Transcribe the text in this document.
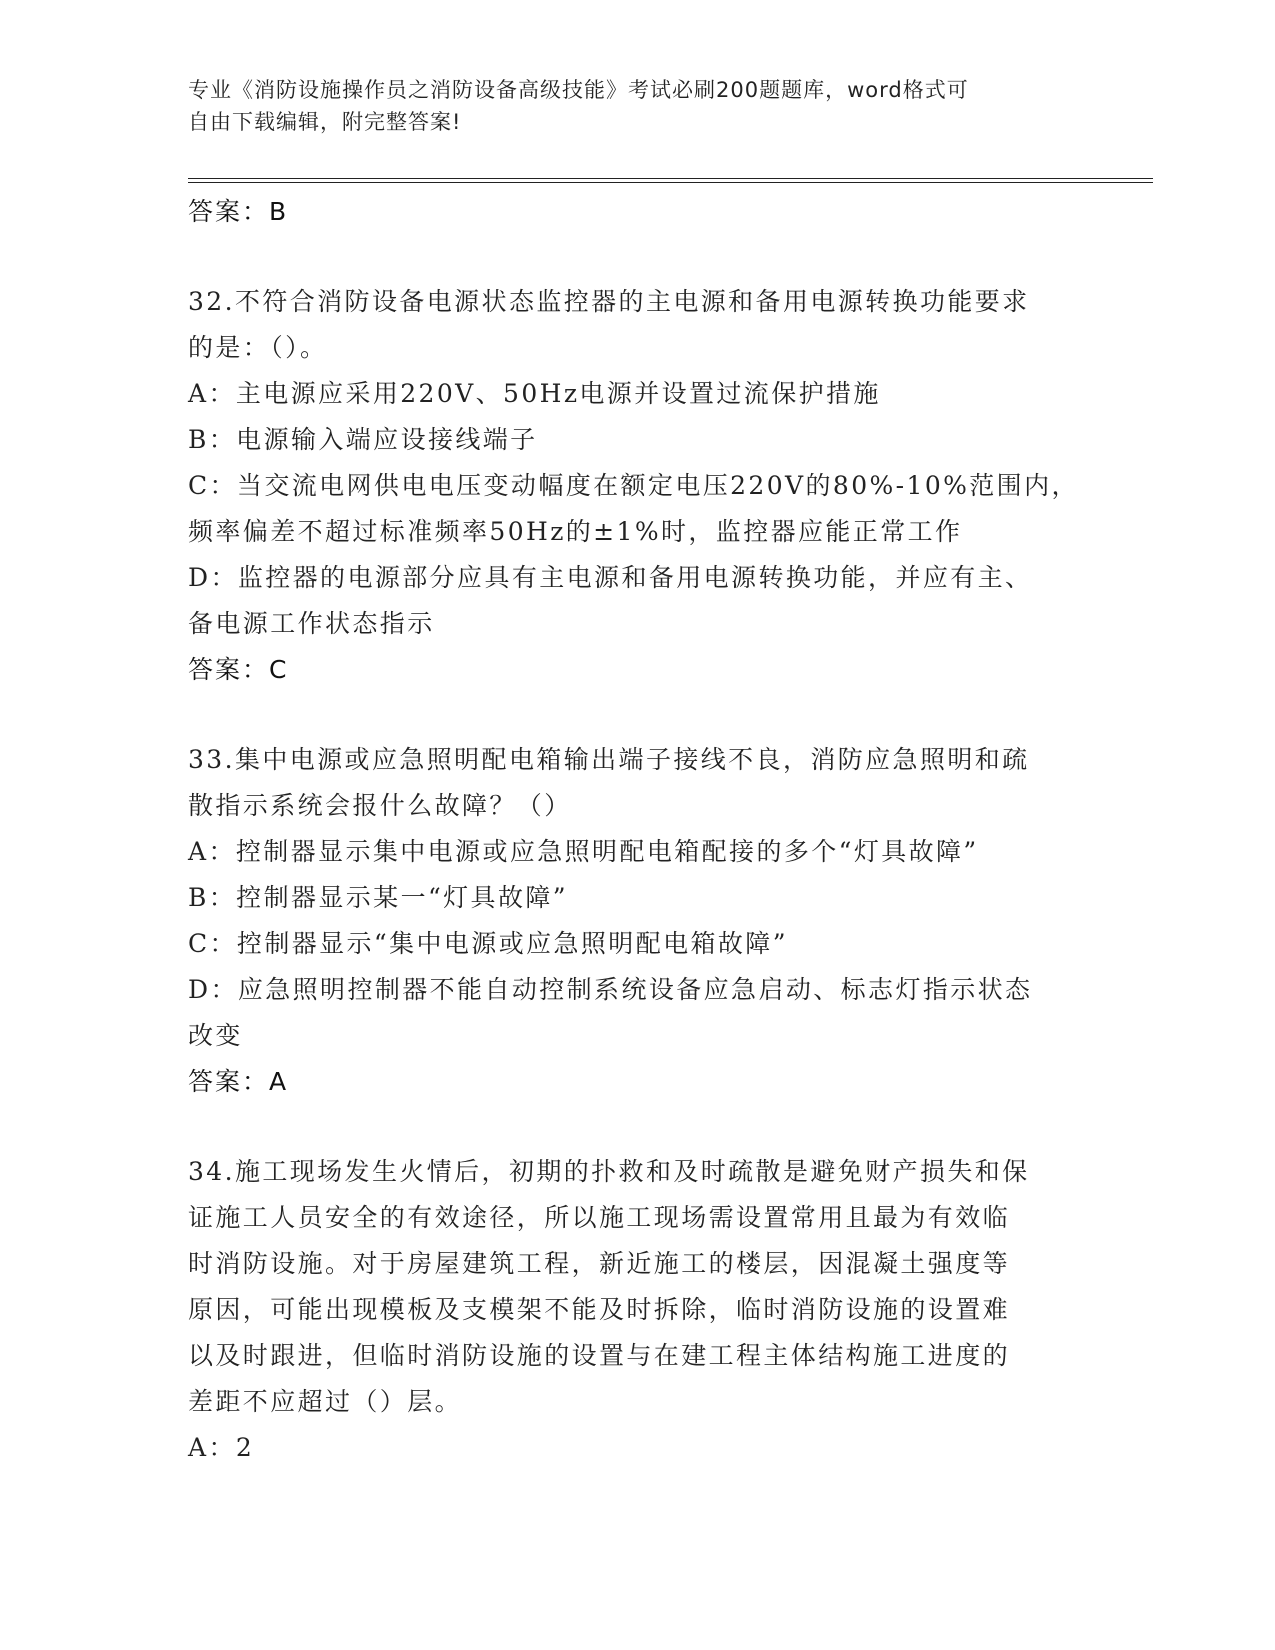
专业《消防设施操作员之消防设备高级技能》考试必刷200题题库，word格式可
自由下载编辑，附完整答案!
答案：B
32.不符合消防设备电源状态监控器的主电源和备用电源转换功能要求
的是：（）。
A：主电源应采用220V、50Hz电源并设置过流保护措施
B：电源输入端应设接线端子
C：当交流电网供电电压变动幅度在额定电压220V的80%-10%范围内，
频率偏差不超过标准频率50Hz的±1%时，监控器应能正常工作
D：监控器的电源部分应具有主电源和备用电源转换功能，并应有主、
备电源工作状态指示
答案：C
33.集中电源或应急照明配电箱输出端子接线不良，消防应急照明和疏
散指示系统会报什么故障？（）
A：控制器显示集中电源或应急照明配电箱配接的多个“灯具故障”
B：控制器显示某一“灯具故障”
C：控制器显示“集中电源或应急照明配电箱故障”
D：应急照明控制器不能自动控制系统设备应急启动、标志灯指示状态
改变
答案：A
34.施工现场发生火情后，初期的扑救和及时疏散是避免财产损失和保
证施工人员安全的有效途径，所以施工现场需设置常用且最为有效临
时消防设施。对于房屋建筑工程，新近施工的楼层，因混凝土强度等
原因，可能出现模板及支模架不能及时拆除，临时消防设施的设置难
以及时跟进，但临时消防设施的设置与在建工程主体结构施工进度的
差距不应超过（）层。
A：2
